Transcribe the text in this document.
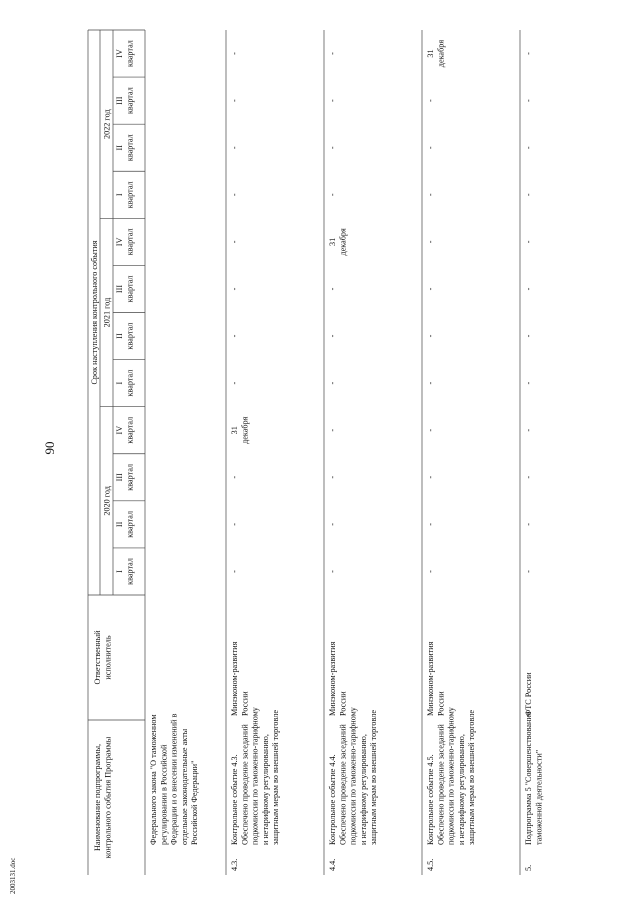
90
2003131.doc
Наименование подпрограммы,контрольного события Программы
Ответственныйисполнитель
Срок наступления контрольного события
2020 год
Iквартал
IIквартал
IIIквартал
IVквартал
2021 год
Iквартал
IIквартал
IIIквартал
IVквартал
2022 год
Iквартал
IIквартал
IIIквартал
IVквартал
Федерального закона "О таможенномрегулировании в РоссийскойФедерации и о внесении изменений вотдельные законодательные актыРоссийской Федерации"
4.3.
Контрольное событие 4.3.Обеспечено проведение заседанийподкомиссии по таможенно-тарифномуи нетарифному регулированию,защитным мерам во внешней торговле
Минэконом-развитияРоссии
-
-
-
31декабря
-
-
-
-
-
-
-
-
4.4.
Контрольное событие 4.4.Обеспечено проведение заседанийподкомиссии по таможенно-тарифномуи нетарифному регулированию,защитным мерам во внешней торговле
Минэконом-развитияРоссии
-
-
-
-
-
-
-
31декабря
-
-
-
-
4.5.
Контрольное событие 4.5.Обеспечено проведение заседанийподкомиссии по таможенно-тарифномуи нетарифному регулированию,защитным мерам во внешней торговле
Минэконом-развитияРоссии
-
-
-
-
-
-
-
-
-
-
-
31декабря
5.
Подпрограмма 5 "Совершенствованиетаможенной деятельности"
ФТС России
-
-
-
-
-
-
-
-
-
-
-
-
